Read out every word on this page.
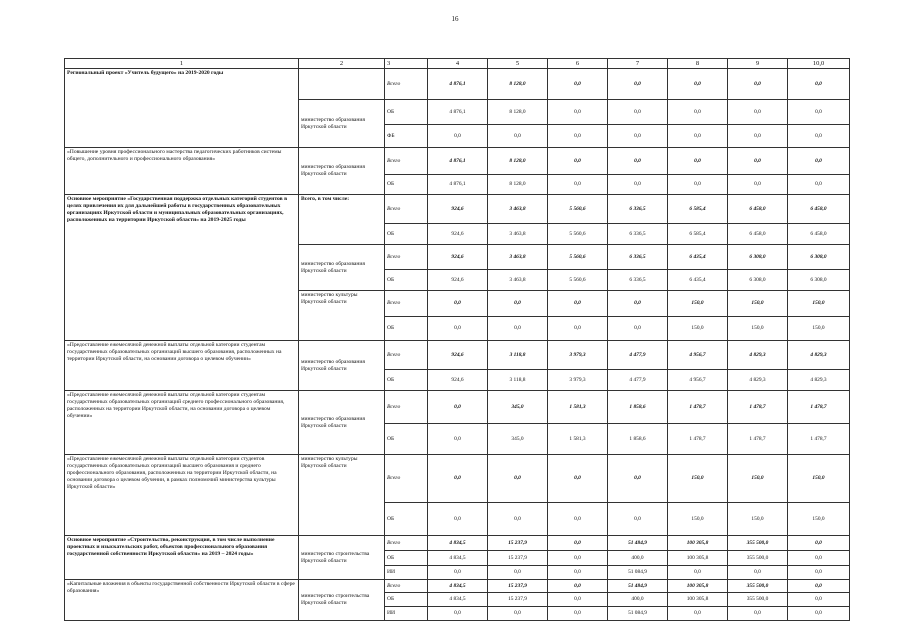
16
1	2	3	4	5	6	7	8	9	10,0
Региональный проект «Учитель будущего» на 2019-2020 годы		Всего	4 876,1	8 128,0	0,0	0,0	0,0	0,0	0,0
	министерство образования Иркутской области	ОБ	4 876,1	8 128,0	0,0	0,0	0,0	0,0	0,0
		ФБ	0,0	0,0	0,0	0,0	0,0	0,0	0,0
«Повышение уровня профессионального мастерства педагогических работников системы общего, дополнительного и профессионального образования»	министерство образования Иркутской области	Всего	4 876,1	8 128,0	0,0	0,0	0,0	0,0	0,0
		ОБ	4 876,1	8 128,0	0,0	0,0	0,0	0,0	0,0
Основное мероприятие «Государственная поддержка отдельных категорий студентов в целях привлечения их для дальнейшей работы в государственных образовательных организациях Иркутской области и муниципальных образовательных организациях, расположенных на территории Иркутской области» на 2019-2025 годы	Всего, в том числе:	Всего	924,6	3 463,8	5 560,6	6 336,5	6 585,4	6 458,0	6 458,0
		ОБ	924,6	3 463,8	5 560,6	6 336,5	6 585,4	6 458,0	6 458,0
	министерство образования Иркутской области	Всего	924,6	3 463,8	5 560,6	6 336,5	6 435,4	6 308,0	6 308,0
		ОБ	924,6	3 463,8	5 560,6	6 336,5	6 435,4	6 308,0	6 308,0
	министерство культуры Иркутской области	Всего	0,0	0,0	0,0	0,0	150,0	150,0	150,0
		ОБ	0,0	0,0	0,0	0,0	150,0	150,0	150,0
«Предоставление ежемесячной денежной выплаты отдельной категории студентам государственных образовательных организаций высшего образования, расположенных на территории Иркутской области, на основании договора о целевом обучении»	министерство образования Иркутской области	Всего	924,6	3 118,8	3 979,3	4 477,9	4 956,7	4 829,3	4 829,3
		ОБ	924,6	3 118,8	3 979,3	4 477,9	4 956,7	4 829,3	4 829,3
«Предоставление ежемесячной денежной выплаты отдельной категории студентам государственных образовательных организаций среднего профессионального образования, расположенных на территории Иркутской области, на основании договора о целевом обучении»	министерство образования Иркутской области	Всего	0,0	345,0	1 581,3	1 858,6	1 478,7	1 478,7	1 478,7
		ОБ	0,0	345,0	1 581,3	1 858,6	1 478,7	1 478,7	1 478,7
«Предоставление ежемесячной денежной выплаты отдельной категории студентов государственных образовательных организаций высшего образования и среднего профессионального образования, расположенных на территории Иркутской области, на основании договора о целевом обучении, в рамках полномочий министерства культуры Иркутской области»	министерство культуры Иркутской области	Всего	0,0	0,0	0,0	0,0	150,0	150,0	150,0
		ОБ	0,0	0,0	0,0	0,0	150,0	150,0	150,0
Основное мероприятие «Строительство, реконструкция, в том числе выполнение проектных и изыскательских работ, объектов профессионального образования государственной собственности Иркутской области» на 2019 – 2024 годы»	министерство строительства Иркутской области	Всего	4 834,5	15 237,9	0,0	51 484,9	100 305,8	355 500,0	0,0
		ОБ	4 834,5	15 237,9	0,0	400,0	100 305,8	355 500,0	0,0
		ИИ	0,0	0,0	0,0	51 084,9	0,0	0,0	0,0
«Капитальные вложения в объекты государственной собственности Иркутской области в сфере образования»	министерство строительства Иркутской области	Всего	4 834,5	15 237,9	0,0	51 484,9	100 305,8	355 500,0	0,0
		ОБ	4 834,5	15 237,9	0,0	400,0	100 305,8	355 500,0	0,0
		ИИ	0,0	0,0	0,0	51 084,9	0,0	0,0	0,0
